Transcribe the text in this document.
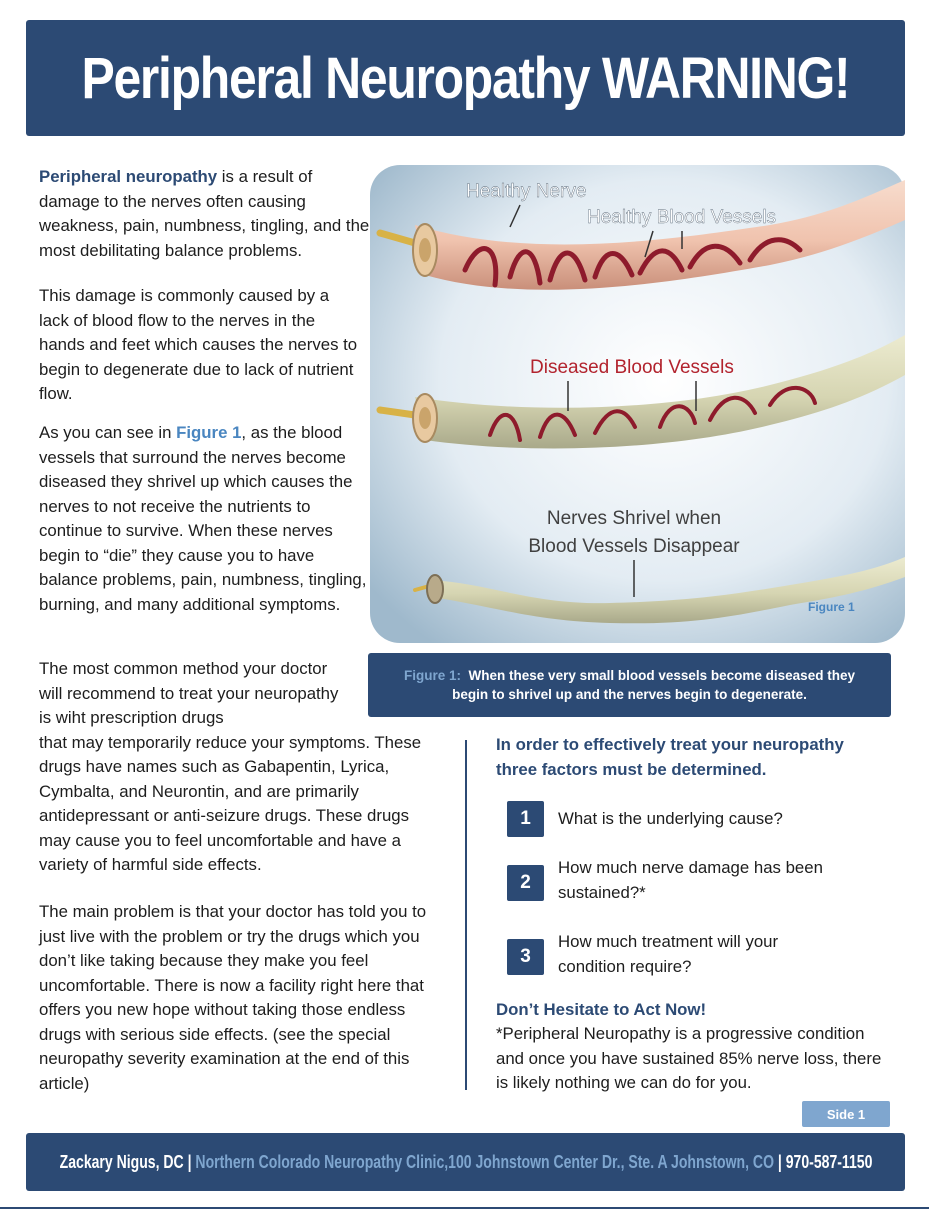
Peripheral Neuropathy WARNING!

Peripheral neuropathy is a result of damage to the nerves often causing weakness, pain, numbness, tingling, and the most debilitating balance problems.

This damage is commonly caused by a lack of blood flow to the nerves in the hands and feet which causes the nerves to begin to degenerate due to lack of nutrient flow.

As you can see in Figure 1, as the blood vessels that surround the nerves become diseased they shrivel up which causes the nerves to not receive the nutrients to continue to survive. When these nerves begin to “die” they cause you to have balance problems, pain, numbness, tingling, burning, and many additional symptoms.

The most common method your doctor will recommend to treat your neuropathy is wiht prescription drugs
that may temporarily reduce your symptoms. These drugs have names such as Gabapentin, Lyrica, Cymbalta, and Neurontin, and are primarily antidepressant or anti-seizure drugs. These drugs may cause you to feel uncomfortable and have a variety of harmful side effects.

The main problem is that your doctor has told you to just live with the problem or try the drugs which you don’t like taking because they make you feel uncomfortable. There is now a facility right here that offers you new hope without taking those endless drugs with serious side effects. (see the special neuropathy severity examination at the end of this article)

Healthy Nerve
Healthy Blood Vessels
Diseased Blood Vessels
Nerves Shrivel when
Blood Vessels Disappear
Figure 1
Figure 1: When these very small blood vessels become diseased they
begin to shrivel up and the nerves begin to degenerate.
In order to effectively treat your neuropathy three factors must be determined.
1	What is the underlying cause?
2
How much nerve damage has been sustained?*
3
How much treatment will your condition require?
Don’t Hesitate to Act Now!
*Peripheral Neuropathy is a progressive condition and once you have sustained 85% nerve loss, there is likely nothing we can do for you.
Side 1
Zackary Nigus, DC | Northern Colorado Neuropathy Clinic,100 Johnstown Center Dr., Ste. A Johnstown, CO | 970-587-1150
